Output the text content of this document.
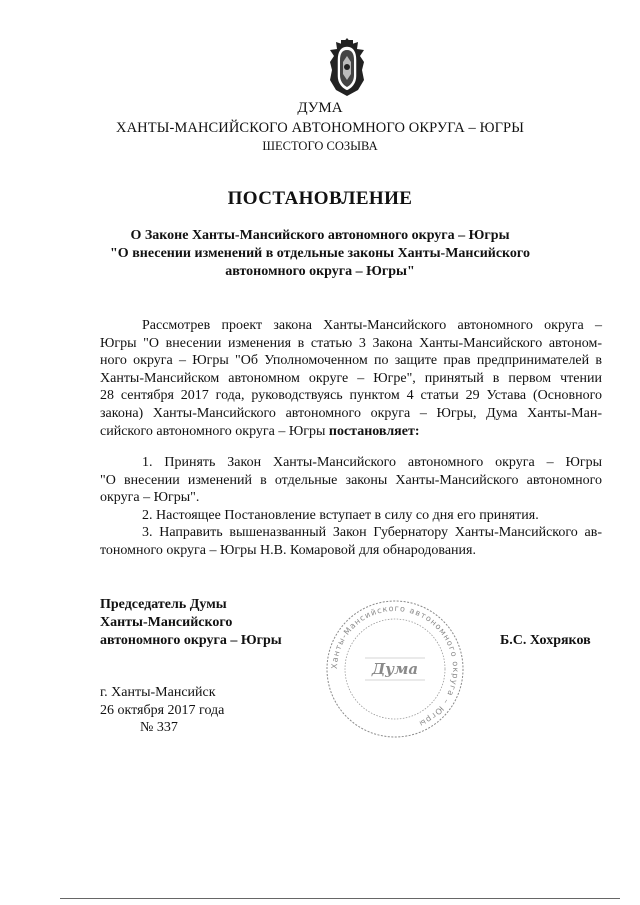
ДУМА
ХАНТЫ-МАНСИЙСКОГО АВТОНОМНОГО ОКРУГА – ЮГРЫ
ШЕСТОГО СОЗЫВА
ПОСТАНОВЛЕНИЕ
О Законе Ханты-Мансийского автономного округа – Югры
"О внесении изменений в отдельные законы Ханты-Мансийского
автономного округа – Югры"
Рассмотрев проект закона Ханты-Мансийского автономного округа –
Югры "О внесении изменения в статью 3 Закона Ханты-Мансийского автоном-
ного округа – Югры "Об Уполномоченном по защите прав предпринимателей в
Ханты-Мансийском автономном округе – Югре", принятый в первом чтении
28 сентября 2017 года, руководствуясь пунктом 4 статьи 29 Устава (Основного
закона) Ханты-Мансийского автономного округа – Югры, Дума Ханты-Ман-
сийского автономного округа – Югры постановляет:
1. Принять Закон Ханты-Мансийского автономного округа – Югры
"О внесении изменений в отдельные законы Ханты-Мансийского автономного
округа – Югры".
2. Настоящее Постановление вступает в силу со дня его принятия.
3. Направить вышеназванный Закон Губернатору Ханты-Мансийского ав-
тономного округа – Югры Н.В. Комаровой для обнародования.
Председатель Думы
Ханты-Мансийского
автономного округа – Югры
Ханты-Мансийского автономного округа – Югры
Дума
Б.С. Хохряков
г. Ханты-Мансийск
26 октября 2017 года
№ 337
